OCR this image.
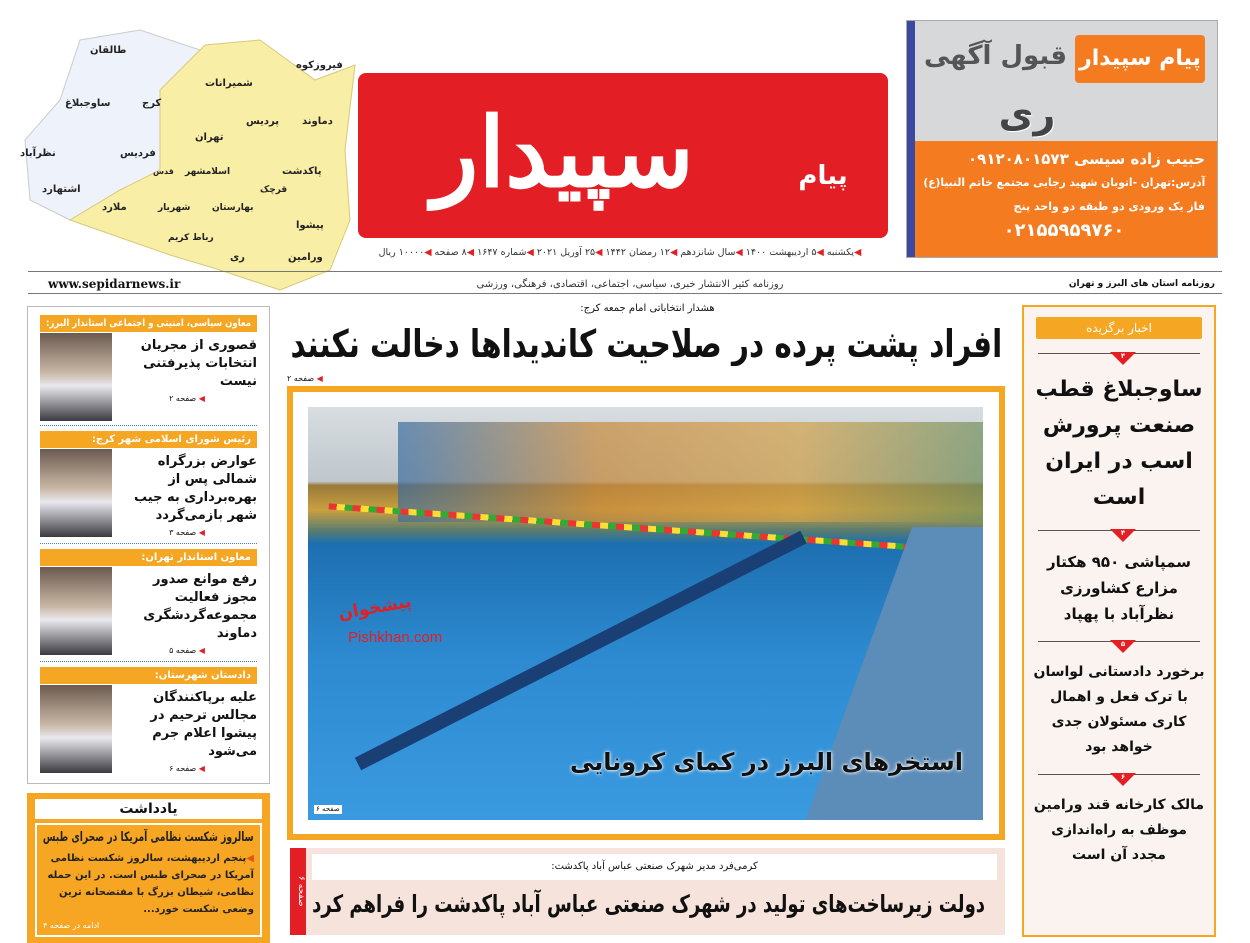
طالقان
ساوجبلاغ	کرج
نظرآباد	فردیس
اشتهارد
شمیرانات
فیروزکوه
دماوند
پردیس
تهران
پاکدشت
قدس اسلامشهر
ملارد	شهریار بهارستان
قرچک
پیشوا
رباط کریم
ری	ورامین
سپیدار	پیام
پیام سپیدار
قبول آگهی
ری
حبیب زاده سیسی ۰۹۱۲۰۸۰۱۵۷۳
آدرس:تهران -اتوبان شهید رجایی مجتمع خاتم النبیا(ع)
فاز یک ورودی دو طبقه دو واحد پنج
۰۲۱۵۵۹۵۹۷۶۰
◀یکشنبه ◀۵ اردیبهشت ۱۴۰۰ ◀سال شانزدهم ◀۱۲ رمضان ۱۴۴۲ ◀۲۵ آوریل ۲۰۲۱ ◀شماره ۱۶۴۷ ◀۸ صفحه ◀۱۰۰۰۰ ریال
www.sepidarnews.ir	روزنامه کثیر الانتشار خبری، سیاسی، اجتماعی، اقتصادی، فرهنگی، ورزشی	روزنامه استان های البرز و تهران
معاون سیاسی، امنیتی و اجتماعی استاندار البرز:
قصوری از مجریان انتخابات پذیرفتنی نیست
◀ صفحه ۲
رئیس شورای اسلامی شهر کرج:
عوارض بزرگراه شمالی پس از بهره‌برداری به جیب شهر بازمی‌گردد
◀ صفحه ۳
معاون استاندار تهران:
رفع موانع صدور مجوز فعالیت مجموعه‌گردشگری دماوند
◀ صفحه ۵
دادستان شهرستان:
علیه برپاکنندگان مجالس ترحیم در پیشوا اعلام جرم می‌شود
◀ صفحه ۶
یادداشت
سالروز شکست نظامی آمریکا در صحرای طبس
◀ پنجم اردیبهشت، سالروز شکست نظامی آمریکا در صحرای طبس است. در این حمله نظامی، شیطان بزرگ با مفتضحانه ترین وضعی شکست خورد...
ادامه در صفحه ۴
هشدار انتخاباتی امام جمعه کرج:
افراد پشت پرده در صلاحیت کاندیداها دخالت نکنند
◀ صفحه ۲
پیشخوان
Pishkhan.com
استخرهای البرز در کمای کرونایی
صفحه ۶
صفحه ۶
کرمی‌فرد مدیر شهرک صنعتی عباس آباد پاکدشت:
دولت زیرساخت‌های تولید در شهرک صنعتی عباس آباد پاکدشت را فراهم کرد
اخبار برگزیده
۴
ساوجبلاغ قطب صنعت پرورش اسب در ایران است
۴
سمپاشی ۹۵۰ هکتار مزارع کشاورزی نظرآباد با پهپاد
۵
برخورد دادستانی لواسان با ترک فعل و اهمال کاری مسئولان جدی خواهد بود
۶
مالک کارخانه قند ورامین موظف به راه‌اندازی مجدد آن است
